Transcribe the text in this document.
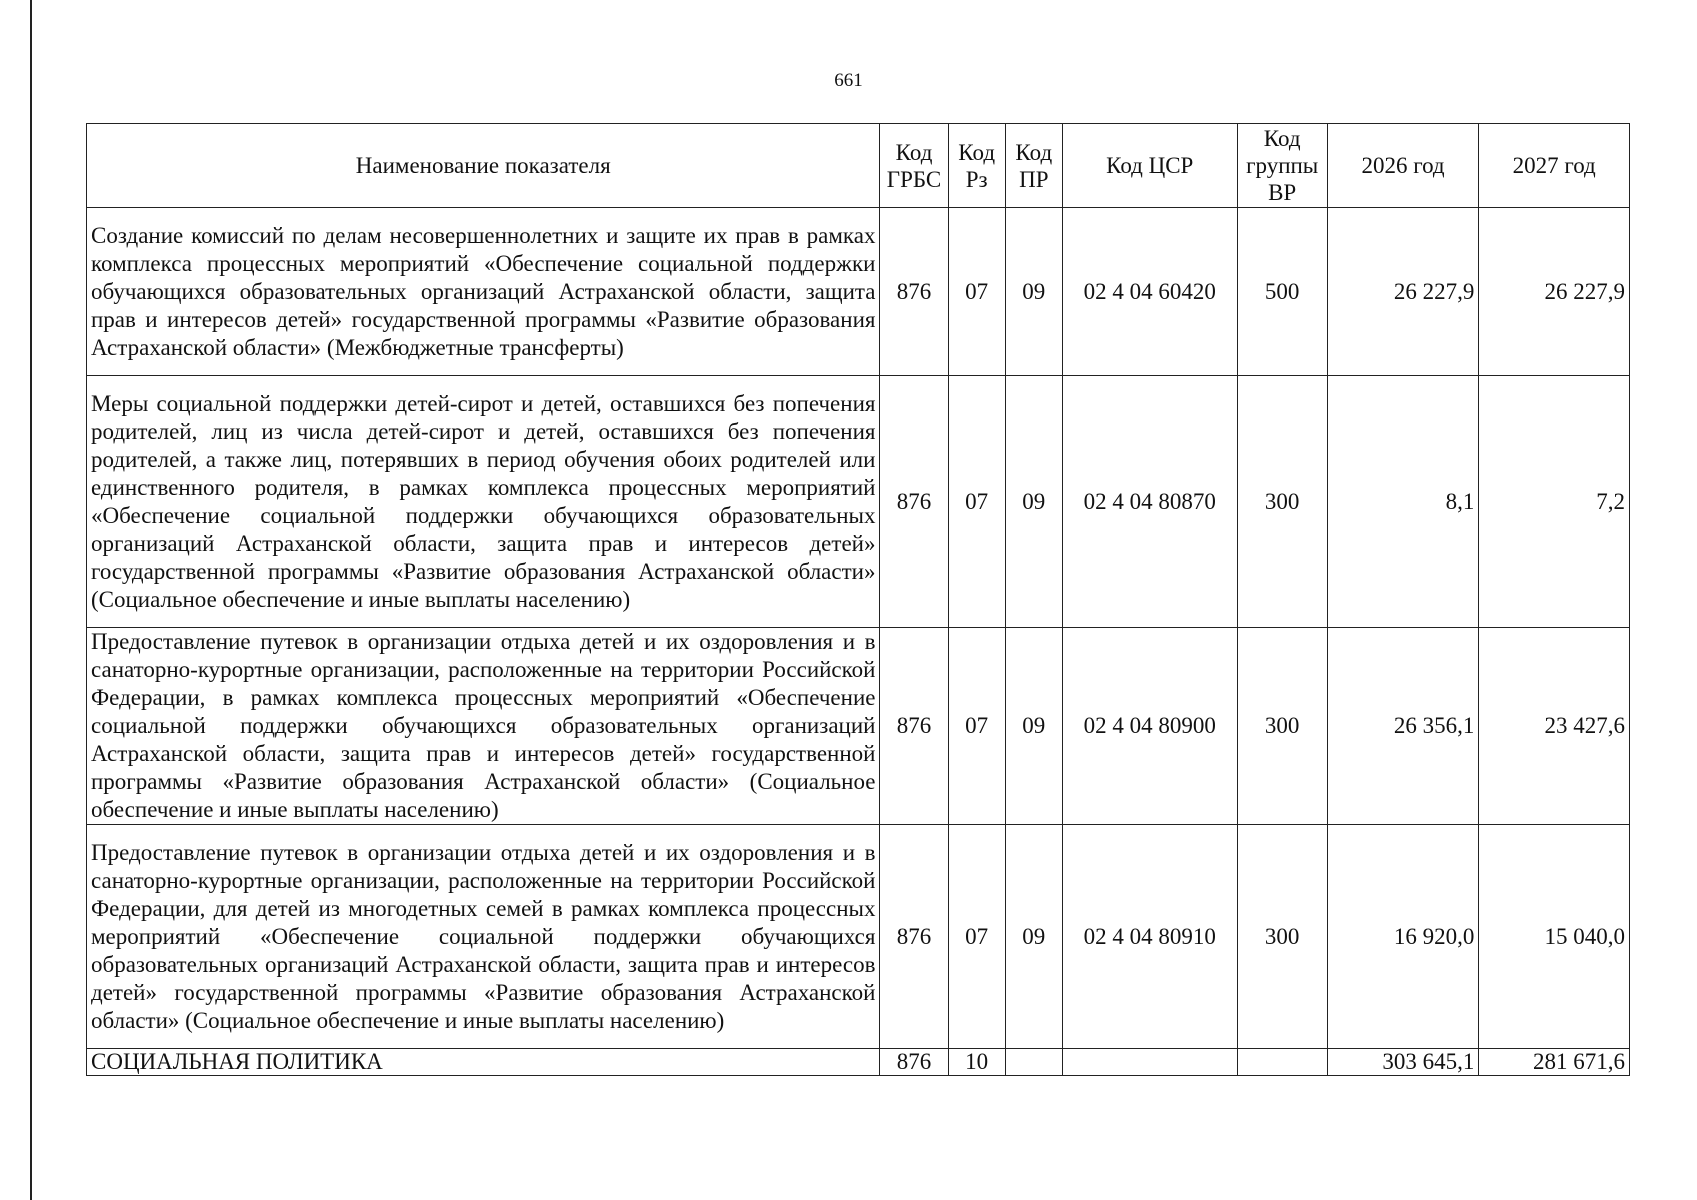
661
Наименование показателя	Код ГРБС	Код Рз	Код ПР	Код ЦСР	Код группы ВР	2026 год	2027 год
Создание комиссий по делам несовершеннолетних и защите их прав в рамках комплекса процессных мероприятий «Обеспечение социальной поддержки обучающихся образовательных организаций Астраханской области, защита прав и интересов детей» государственной программы «Развитие образования Астраханской области» (Межбюджетные трансферты)	876	07	09	02 4 04 60420	500	26 227,9	26 227,9
Меры социальной поддержки детей-сирот и детей, оставшихся без попечения родителей, лиц из числа детей-сирот и детей, оставшихся без попечения родителей, а также лиц, потерявших в период обучения обоих родителей или единственного родителя, в рамках комплекса процессных мероприятий «Обеспечение социальной поддержки обучающихся образовательных организаций Астраханской области, защита прав и интересов детей» государственной программы «Развитие образования Астраханской области» (Социальное обеспечение и иные выплаты населению)	876	07	09	02 4 04 80870	300	8,1	7,2
Предоставление путевок в организации отдыха детей и их оздоровления и в санаторно-курортные организации, расположенные на территории Российской Федерации, в рамках комплекса процессных мероприятий «Обеспечение социальной поддержки обучающихся образовательных организаций Астраханской области, защита прав и интересов детей» государственной программы «Развитие образования Астраханской области» (Социальное обеспечение и иные выплаты населению)	876	07	09	02 4 04 80900	300	26 356,1	23 427,6
Предоставление путевок в организации отдыха детей и их оздоровления и в санаторно-курортные организации, расположенные на территории Российской Федерации, для детей из многодетных семей в рамках комплекса процессных мероприятий «Обеспечение социальной поддержки обучающихся образовательных организаций Астраханской области, защита прав и интересов детей» государственной программы «Развитие образования Астраханской области» (Социальное обеспечение и иные выплаты населению)	876	07	09	02 4 04 80910	300	16 920,0	15 040,0
СОЦИАЛЬНАЯ ПОЛИТИКА	876	10				303 645,1	281 671,6
